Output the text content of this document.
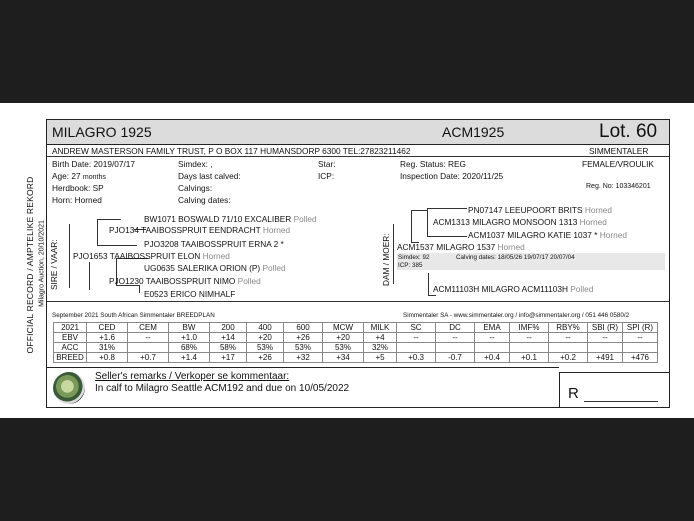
OFFICIAL RECORD / AMPTELIKE REKORD Milagro Auction, 20/10/2021
MILAGRO 1925	ACM1925	Lot. 60
ANDREW MASTERSON FAMILY TRUST, P O BOX 117 HUMANSDORP 6300 TEL:27823211462	SIMMENTALER
Birth Date: 2019/07/17
Age: 27 months
Herdbook: SP
Horn: Horned
Simdex: ,
Days last calved:
Calvings:
Calving dates:
Star:
ICP:
Reg. Status: REG
Inspection Date: 2020/11/25
FEMALE/VROULIK
Reg. No: 103346201
SIRE / VAAR:
BW1071 BOSWALD 71/10 EXCALIBER Polled
PJO134 TAAIBOSSPRUIT EENDRACHT Horned
PJO3208 TAAIBOSSPRUIT ERNA 2 *
PJO1653 TAAIBOSSPRUIT ELON Horned
UG0635 SALERIKA ORION (P) Polled
PJO1230 TAAIBOSSPRUIT NIMO Polled
E0523 ERICO NIMHALF
DAM / MOER:
PN07147 LEEUPOORT BRITS Horned
ACM1313 MILAGRO MONSOON 1313 Horned
ACM1037 MILAGRO KATIE 1037 * Horned
ACM1537 MILAGRO 1537 Horned
Simdex: 92	Calving dates: 18/05/26 19/07/17 20/07/04
ICP: 385
ACM11103H MILAGRO ACM11103H Polled
September 2021 South African Simmentaler BREEDPLAN	Simmentaler SA - www.simmentaler.org / info@simmentaler.org / 051 446 0580/2
2021	CED	CEM	BW	200	400	600	MCW	MILK	SC	DC	EMA	IMF%	RBY%	SBI (R)	SPI (R)
EBV	+1.6	--	+1.0	+14	+20	+26	+20	+4	--	--	--	--	--	--	--
ACC	31%		68%	58%	53%	53%	53%	32%							
BREED	+0.8	+0.7	+1.4	+17	+26	+32	+34	+5	+0.3	-0.7	+0.4	+0.1	+0.2	+491	+476
Seller's remarks / Verkoper se kommentaar:
In calf to Milagro Seattle ACM192 and due on 10/05/2022	R
